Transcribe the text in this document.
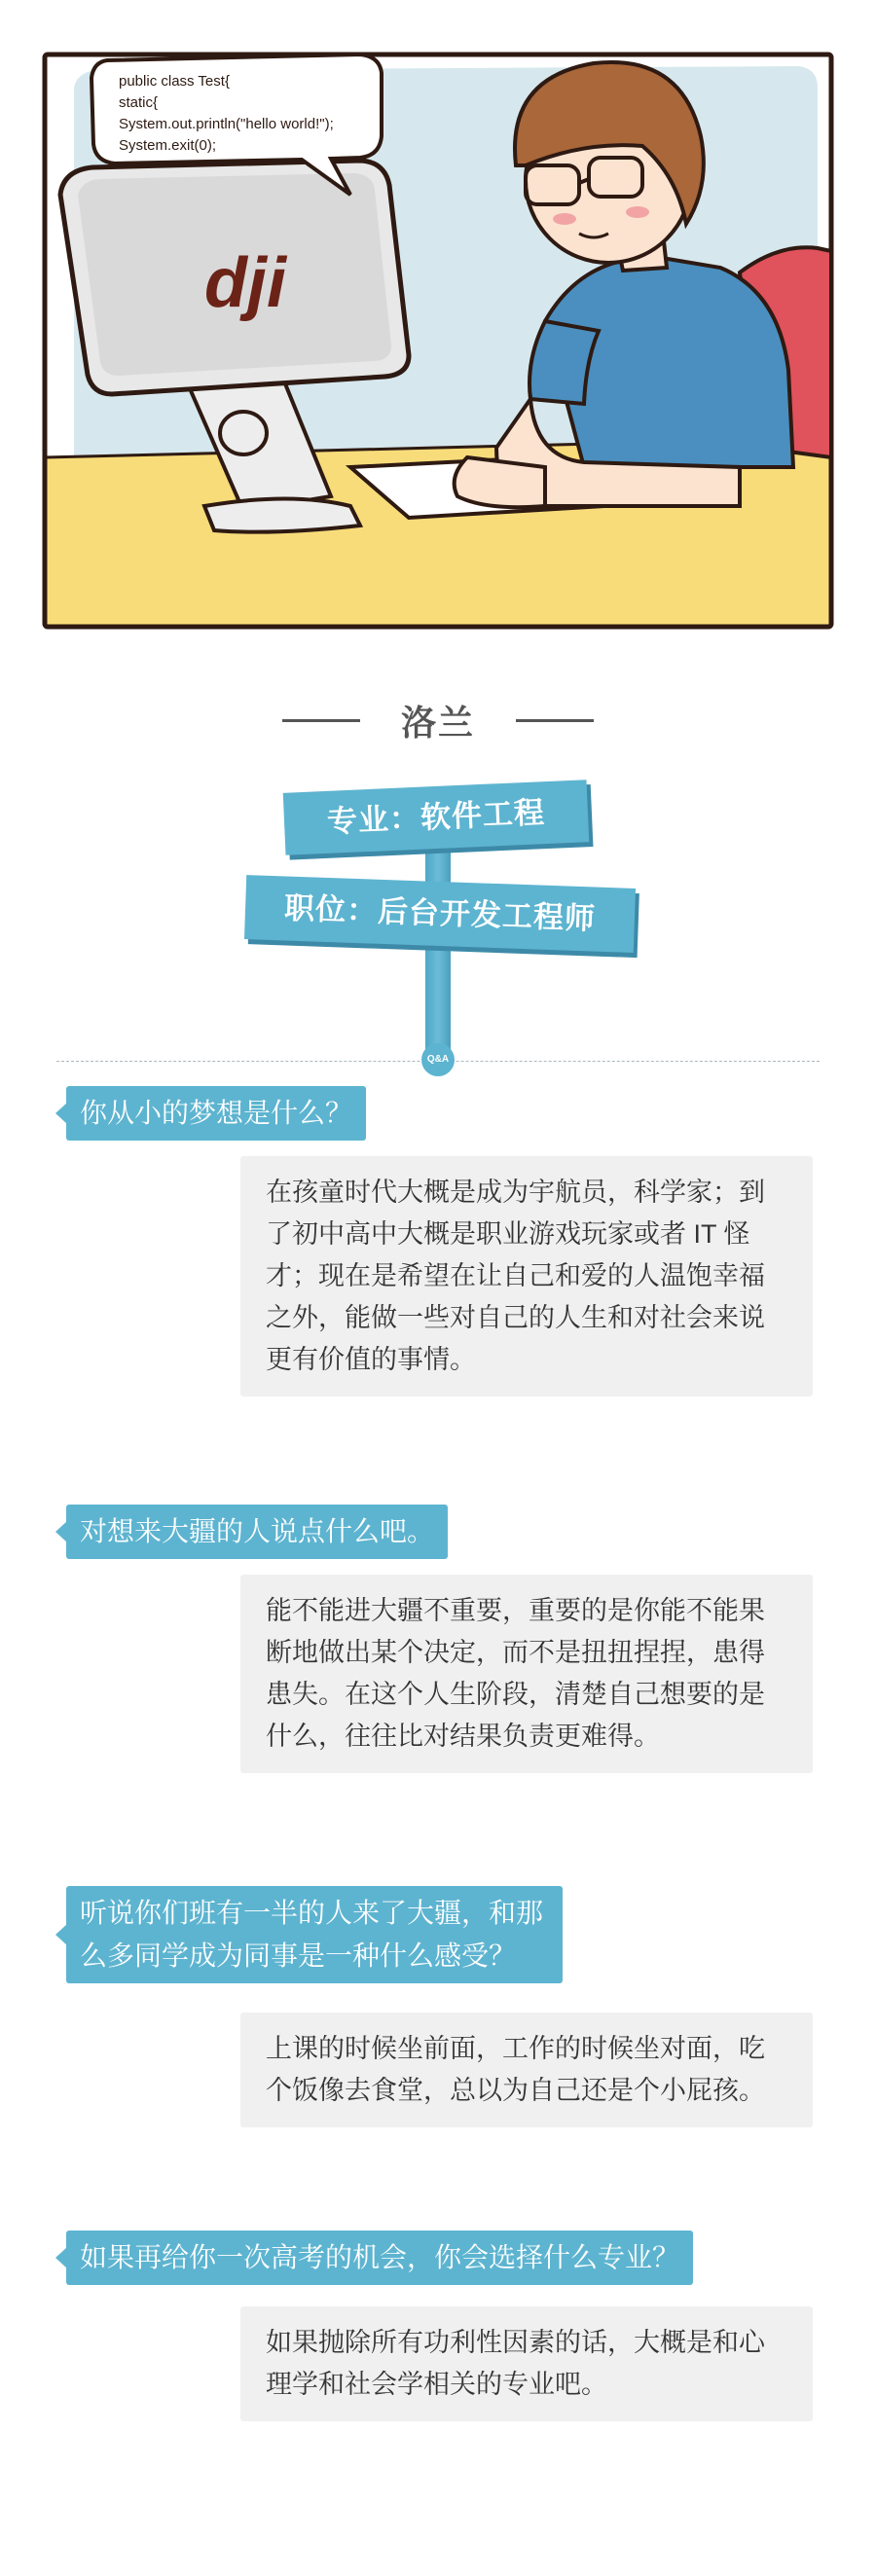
dji
public class Test{
static{
System.out.println("hello world!");
System.exit(0);
洛兰
专业：软件工程
职位：后台开发工程师
Q&A
你从小的梦想是什么？
在孩童时代大概是成为宇航员，科学家；到了初中高中大概是职业游戏玩家或者 IT 怪才；现在是希望在让自己和爱的人温饱幸福之外，能做一些对自己的人生和对社会来说更有价值的事情。
对想来大疆的人说点什么吧。
能不能进大疆不重要，重要的是你能不能果断地做出某个决定，而不是扭扭捏捏，患得患失。在这个人生阶段，清楚自己想要的是什么，往往比对结果负责更难得。
听说你们班有一半的人来了大疆，和那么多同学成为同事是一种什么感受？
上课的时候坐前面，工作的时候坐对面，吃个饭像去食堂，总以为自己还是个小屁孩。
如果再给你一次高考的机会，你会选择什么专业？
如果抛除所有功利性因素的话，大概是和心理学和社会学相关的专业吧。
